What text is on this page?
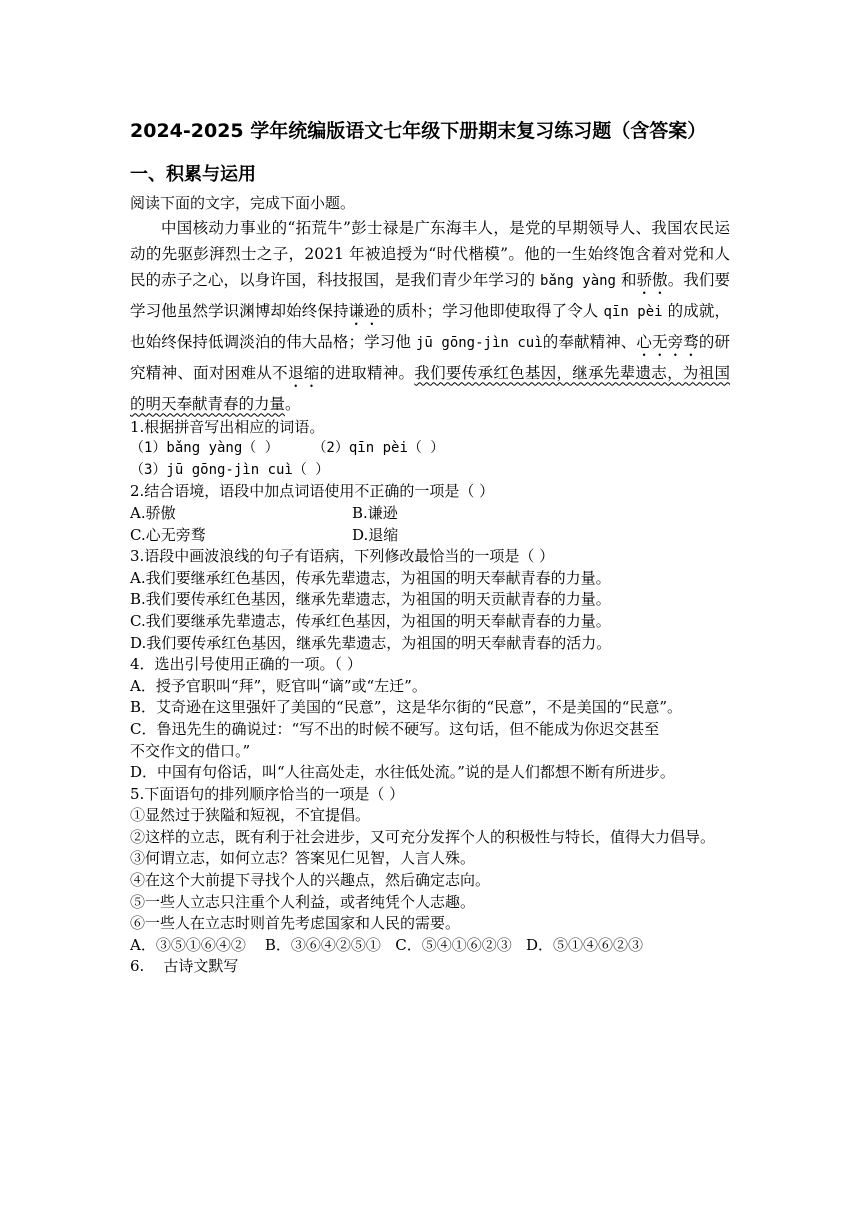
2024-2025 学年统编版语文七年级下册期末复习练习题（含答案）
一、积累与运用

阅读下面的文字，完成下面小题。

中国核动力事业的“拓荒牛”彭士禄是广东海丰人，是党的早期领导人、我国农民运动的先驱彭湃烈士之子，2021 年被追授为“时代楷模”。他的一生始终饱含着对党和人民的赤子之心，以身许国，科技报国，是我们青少年学习的 bǎng yàng 和骄傲。我们要学习他虽然学识渊博却始终保持谦逊的质朴；学习他即使取得了令人 qīn pèi 的成就，也始终保持低调淡泊的伟大品格；学习他 jū gōng-jìn cuì的奉献精神、心无旁骛的研究精神、面对困难从不退缩的进取精神。我们要传承红色基因，继承先辈遗志，为祖国的明天奉献青春的力量。

1.根据拼音写出相应的词语。

（1）bǎng yàng（ ） （2）qīn pèi（ ）

（3）jū gōng-jìn cuì（ ）

2.结合语境，语段中加点词语使用不正确的一项是（ ）

A.骄傲	B.谦逊
C.心无旁骛	D.退缩

3.语段中画波浪线的句子有语病，下列修改最恰当的一项是（ ）

A.我们要继承红色基因，传承先辈遗志，为祖国的明天奉献青春的力量。

B.我们要传承红色基因，继承先辈遗志，为祖国的明天贡献青春的力量。

C.我们要继承先辈遗志，传承红色基因，为祖国的明天奉献青春的力量。

D.我们要传承红色基因，继承先辈遗志，为祖国的明天奉献青春的活力。

4．选出引号使用正确的一项。（ ）

A．授予官职叫“拜”，贬官叫“谪”或“左迁”。

B．艾奇逊在这里强奸了美国的“民意”，这是华尔街的“民意”，不是美国的“民意”。

C．鲁迅先生的确说过：“写不出的时候不硬写。这句话，但不能成为你迟交甚至

不交作文的借口。”

D．中国有句俗话，叫“人往高处走，水往低处流。”说的是人们都想不断有所进步。

5.下面语句的排列顺序恰当的一项是（ ）

①显然过于狭隘和短视，不宜提倡。

②这样的立志，既有利于社会进步，又可充分发挥个人的积极性与特长，值得大力倡导。

③何谓立志，如何立志？答案见仁见智，人言人殊。

④在这个大前提下寻找个人的兴趣点，然后确定志向。

⑤一些人立志只注重个人利益，或者纯凭个人志趣。

⑥一些人在立志时则首先考虑国家和人民的需要。

A．③⑤①⑥④②    B．③⑥④②⑤①   C．⑤④①⑥②③   D．⑤①④⑥②③

6.    古诗文默写
